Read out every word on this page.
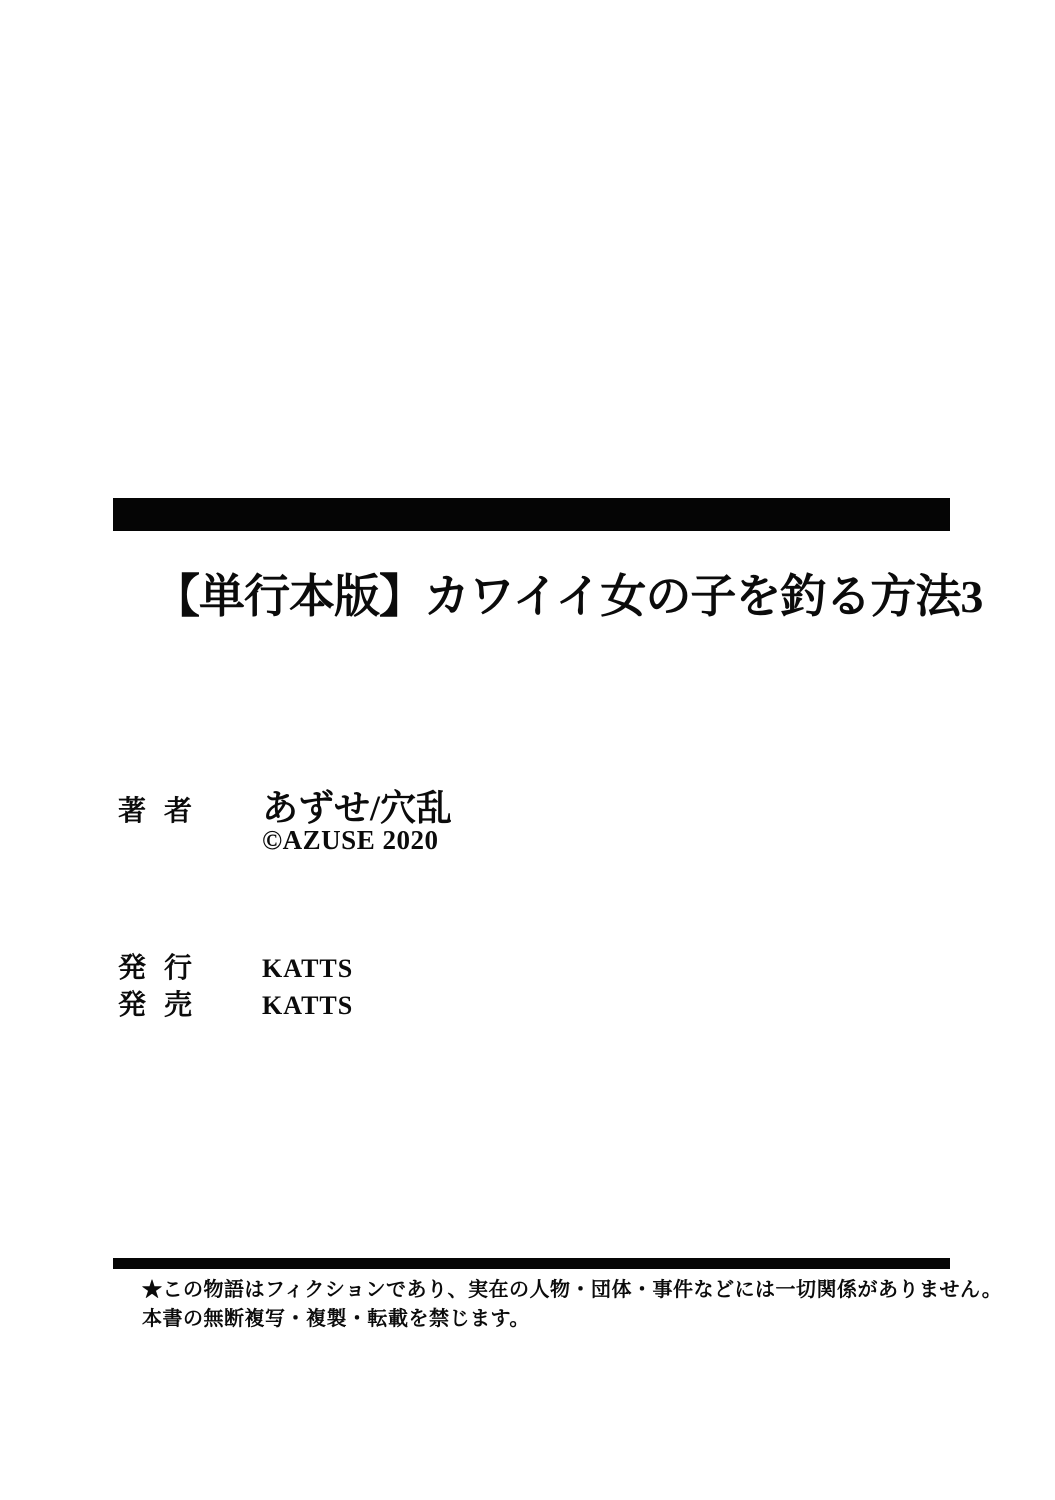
【単行本版】カワイイ女の子を釣る方法3
著者 あずせ/穴乱
©AZUSE 2020
発行	KATTS
発売	KATTS
★この物語はフィクションであり、実在の人物・団体・事件などには一切関係がありません。
本書の無断複写・複製・転載を禁じます。
